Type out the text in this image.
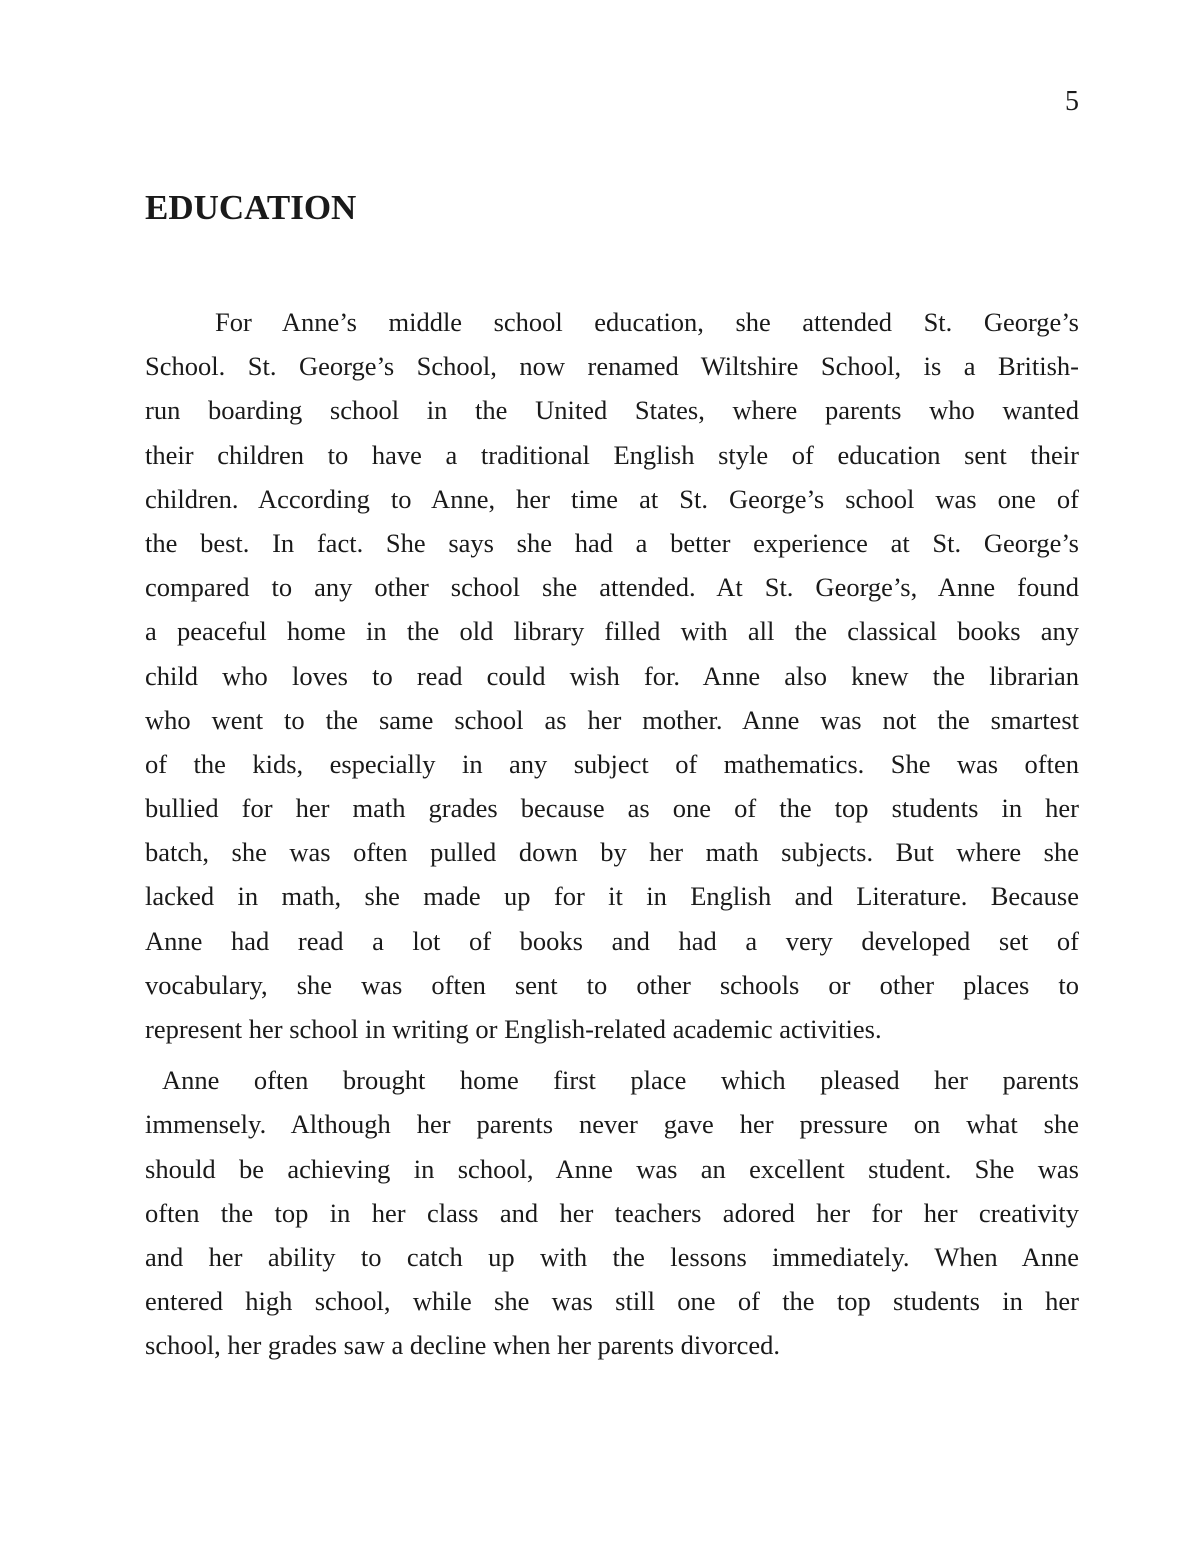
5
EDUCATION
For Anne’s middle school education, she attended St. George’s
School. St. George’s School, now renamed Wiltshire School, is a British-
run boarding school in the United States, where parents who wanted
their children to have a traditional English style of education sent their
children. According to Anne, her time at St. George’s school was one of
the best. In fact. She says she had a better experience at St. George’s
compared to any other school she attended. At St. George’s, Anne found
a peaceful home in the old library filled with all the classical books any
child who loves to read could wish for. Anne also knew the librarian
who went to the same school as her mother. Anne was not the smartest
of the kids, especially in any subject of mathematics. She was often
bullied for her math grades because as one of the top students in her
batch, she was often pulled down by her math subjects. But where she
lacked in math, she made up for it in English and Literature. Because
Anne had read a lot of books and had a very developed set of
vocabulary, she was often sent to other schools or other places to
represent her school in writing or English-related academic activities.
Anne often brought home first place which pleased her parents
immensely. Although her parents never gave her pressure on what she
should be achieving in school, Anne was an excellent student. She was
often the top in her class and her teachers adored her for her creativity
and her ability to catch up with the lessons immediately. When Anne
entered high school, while she was still one of the top students in her
school, her grades saw a decline when her parents divorced.
